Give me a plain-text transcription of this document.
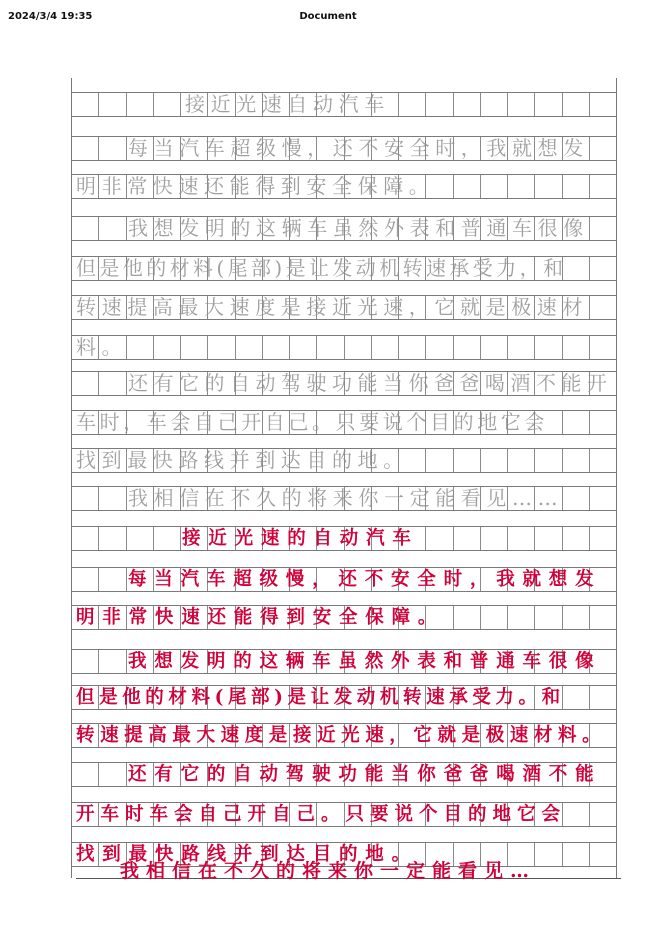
2024/3/4 19:35	Document
接近光速自动汽车
每当汽车超级慢，还不安全时，我就想发
明非常快速还能得到安全保障。
我想发明的这辆车虽然外表和普通车很像
但是他的材料(尾部)是让发动机转速承受力，和
转速提高最大速度是接近光速，它就是极速材
料。
还有它的自动驾驶功能当你爸爸喝酒不能开
车时，车会自己开自己。只要说个目的地它会
找到最快路线并到达目的地。
我相信在不久的将来你一定能看见……
接近光速的自动汽车
每当汽车超级慢，还不安全时，我就想发
明非常快速还能得到安全保障。
我想发明的这辆车虽然外表和普通车很像
但是他的材料(尾部)是让发动机转速承受力。和
转速提高最大速度是接近光速，它就是极速材料。
还有它的自动驾驶功能当你爸爸喝酒不能
开车时车会自己开自己。只要说个目的地它会
找到最快路线并到达目的地。
我相信在不久的将来你一定能看见…
